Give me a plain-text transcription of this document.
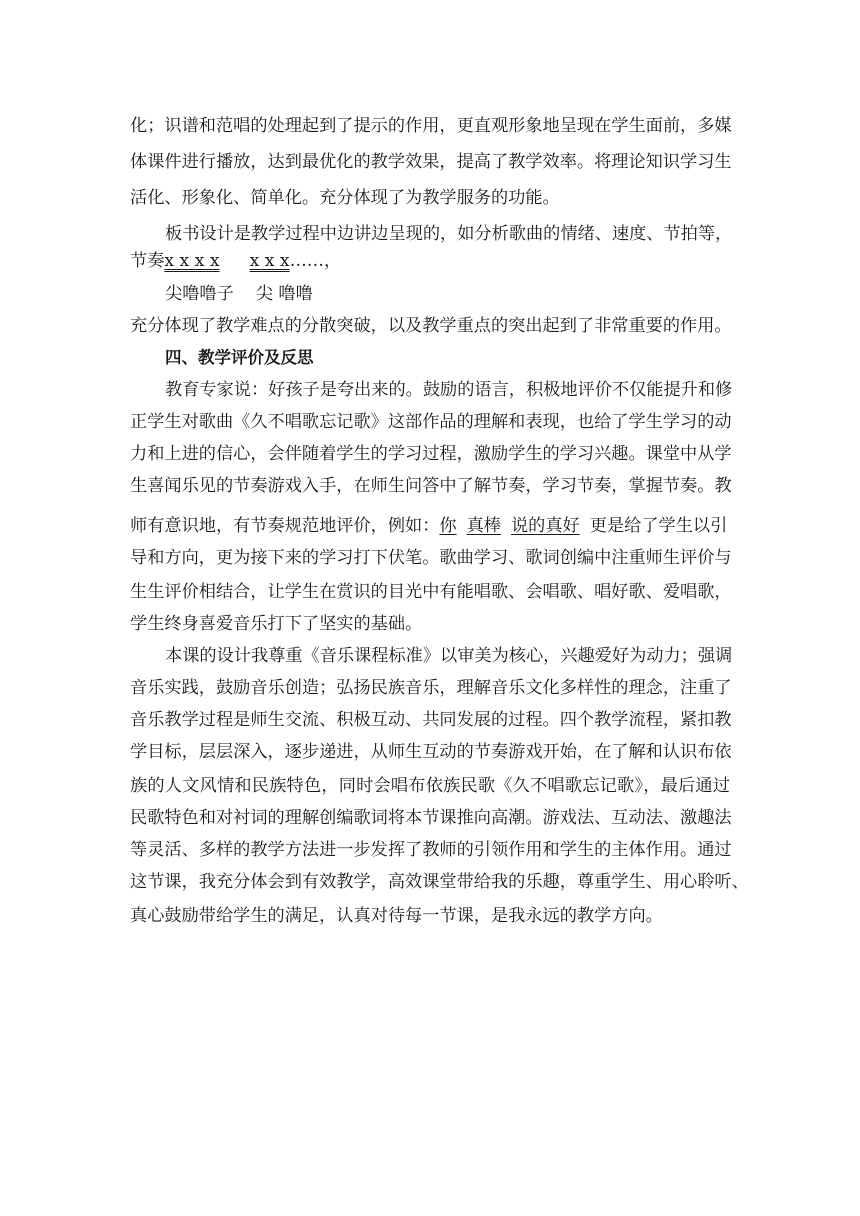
化；识谱和范唱的处理起到了提示的作用，更直观形象地呈现在学生面前，多媒
体课件进行播放，达到最优化的教学效果，提高了教学效率。将理论知识学习生
活化、形象化、简单化。充分体现了为教学服务的功能。
板书设计是教学过程中边讲边呈现的，如分析歌曲的情绪、速度、节拍等，
节奏x x x x x x x……，
尖噜噜子 尖 噜噜
充分体现了教学难点的分散突破，以及教学重点的突出起到了非常重要的作用。
四、教学评价及反思
教育专家说：好孩子是夸出来的。鼓励的语言，积极地评价不仅能提升和修
正学生对歌曲《久不唱歌忘记歌》这部作品的理解和表现，也给了学生学习的动
力和上进的信心，会伴随着学生的学习过程，激励学生的学习兴趣。课堂中从学
生喜闻乐见的节奏游戏入手，在师生问答中了解节奏，学习节奏，掌握节奏。教
师有意识地，有节奏规范地评价，例如：你 真棒 说的真好 更是给了学生以引
导和方向，更为接下来的学习打下伏笔。歌曲学习、歌词创编中注重师生评价与
生生评价相结合，让学生在赏识的目光中有能唱歌、会唱歌、唱好歌、爱唱歌，
学生终身喜爱音乐打下了坚实的基础。
本课的设计我尊重《音乐课程标准》以审美为核心，兴趣爱好为动力；强调
音乐实践，鼓励音乐创造；弘扬民族音乐，理解音乐文化多样性的理念，注重了
音乐教学过程是师生交流、积极互动、共同发展的过程。四个教学流程，紧扣教
学目标，层层深入，逐步递进，从师生互动的节奏游戏开始，在了解和认识布依
族的人文风情和民族特色，同时会唱布依族民歌《久不唱歌忘记歌》，最后通过
民歌特色和对衬词的理解创编歌词将本节课推向高潮。游戏法、互动法、激趣法
等灵活、多样的教学方法进一步发挥了教师的引领作用和学生的主体作用。通过
这节课，我充分体会到有效教学，高效课堂带给我的乐趣，尊重学生、用心聆听、
真心鼓励带给学生的满足，认真对待每一节课，是我永远的教学方向。
